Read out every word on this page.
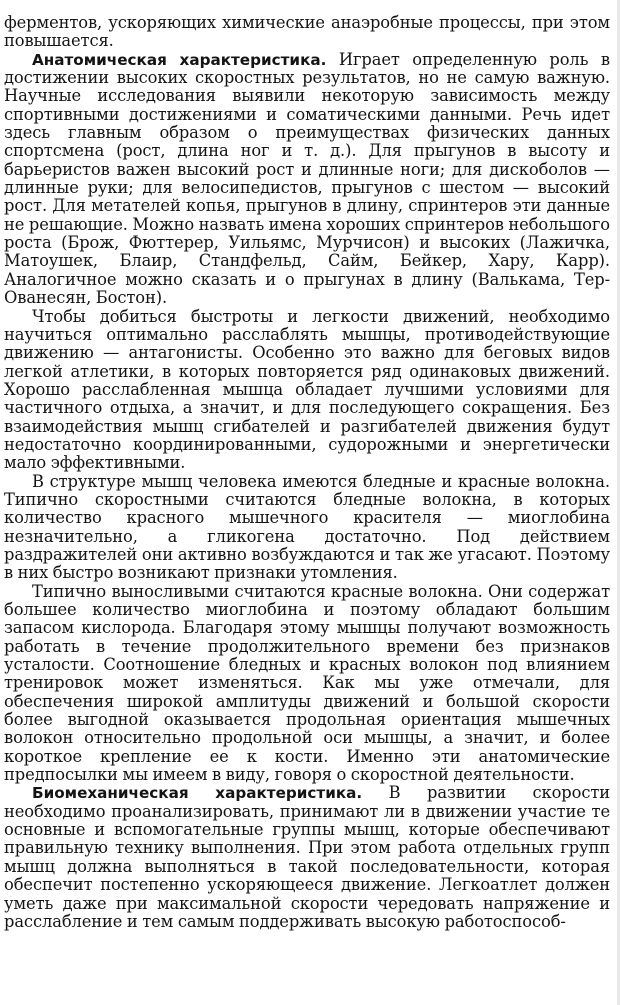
ферментов, ускоряющих химические анаэробные процессы, при этом повышается.

Анатомическая характеристика. Играет определенную роль в достижении высоких скоростных результатов, но не самую важную. Научные исследования выявили некоторую зависимость между спортивными достижениями и соматическими данными. Речь идет здесь главным образом о преимуществах физических данных спортсмена (рост, длина ног и т. д.). Для прыгунов в высоту и барьеристов важен высокий рост и длинные ноги; для дискоболов — длинные руки; для велосипедистов, прыгунов с шестом — высокий рост. Для метателей копья, прыгунов в длину, спринтеров эти данные не решающие. Можно назвать имена хороших спринтеров небольшого роста (Брож, Фюттерер, Уильямс, Мурчисон) и высоких (Лажичка, Матоушек, Блаир, Стандфельд, Сайм, Бейкер, Хару, Карр). Аналогичное можно сказать и о прыгунах в длину (Валькама, Тер-Ованесян, Бостон).

Чтобы добиться быстроты и легкости движений, необходимо научиться оптимально расслаблять мышцы, противодействующие движению — антагонисты. Особенно это важно для беговых видов легкой атлетики, в которых повторяется ряд одинаковых движений. Хорошо расслабленная мышца обладает лучшими условиями для частичного отдыха, а значит, и для последующего сокращения. Без взаимодействия мышц сгибателей и разгибателей движения будут недостаточно координированными, судорожными и энергетически мало эффективными.

В структуре мышц человека имеются бледные и красные волокна. Типично скоростными считаются бледные волокна, в которых количество красного мышечного красителя — миоглобина незначительно, а гликогена достаточно. Под действием раздражителей они активно возбуждаются и так же угасают. Поэтому в них быстро возникают признаки утомления.

Типично выносливыми считаются красные волокна. Они содержат большее количество миоглобина и поэтому обладают большим запасом кислорода. Благодаря этому мышцы получают возможность работать в течение продолжительного времени без признаков усталости. Соотношение бледных и красных волокон под влиянием тренировок может изменяться. Как мы уже отмечали, для обеспечения широкой амплитуды движений и большой скорости более выгодной оказывается продольная ориентация мышечных волокон относительно продольной оси мышцы, а значит, и более короткое крепление ее к кости. Именно эти анатомические предпосылки мы имеем в виду, говоря о скоростной деятельности.

Биомеханическая характеристика. В развитии скорости необходимо проанализировать, принимают ли в движении участие те основные и вспомогательные группы мышц, которые обеспечивают правильную технику выполнения. При этом работа отдельных групп мышц должна выполняться в такой последовательности, которая обеспечит постепенно ускоряющееся движение. Легкоатлет должен уметь даже при максимальной скорости чередовать напряжение и расслабление и тем самым поддерживать высокую работоспособ-
